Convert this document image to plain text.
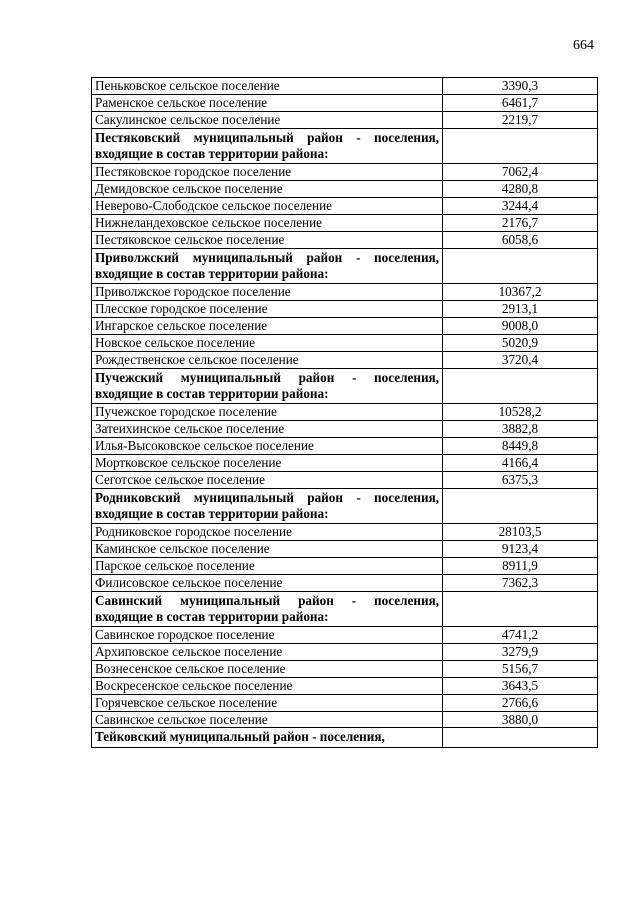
664
Пеньковское сельское поселение	3390,3
Раменское сельское поселение	6461,7
Сакулинское сельское поселение	2219,7
Пестяковский муниципальный район - поселения, входящие в состав территории района:	
Пестяковское городское поселение	7062,4
Демидовское сельское поселение	4280,8
Неверово-Слободское сельское поселение	3244,4
Нижнеландеховское сельское поселение	2176,7
Пестяковское сельское поселение	6058,6
Приволжский муниципальный район - поселения, входящие в состав территории района:	
Приволжское городское поселение	10367,2
Плесское городское поселение	2913,1
Ингарское сельское поселение	9008,0
Новское сельское поселение	5020,9
Рождественское сельское поселение	3720,4
Пучежский муниципальный район - поселения, входящие в состав территории района:	
Пучежское городское поселение	10528,2
Затеихинское сельское поселение	3882,8
Илья-Высоковское сельское поселение	8449,8
Мортковское сельское поселение	4166,4
Сеготское сельское поселение	6375,3
Родниковский муниципальный район - поселения, входящие в состав территории района:	
Родниковское городское поселение	28103,5
Каминское сельское поселение	9123,4
Парское сельское поселение	8911,9
Филисовское сельское поселение	7362,3
Савинский муниципальный район - поселения, входящие в состав территории района:	
Савинское городское поселение	4741,2
Архиповское сельское поселение	3279,9
Вознесенское сельское поселение	5156,7
Воскресенское сельское поселение	3643,5
Горячевское сельское поселение	2766,6
Савинское сельское поселение	3880,0
Тейковский муниципальный район - поселения,	
